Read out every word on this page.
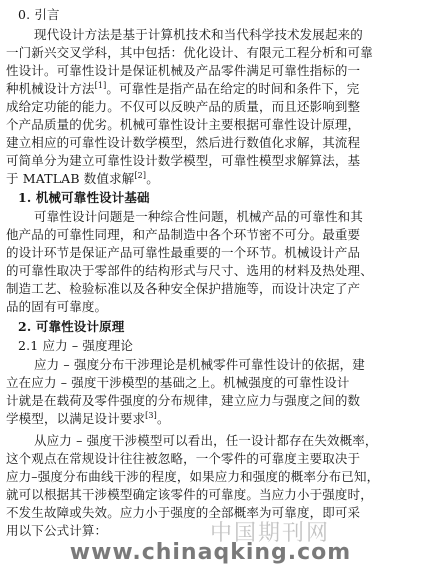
0. 引言
现代设计方法是基于计算机技术和当代科学技术发展起来的
一门新兴交叉学科，其中包括：优化设计、有限元工程分析和可靠
性设计。可靠性设计是保证机械及产品零件满足可靠性指标的一
种机械设计方法[1]。可靠性是指产品在给定的时间和条件下，完
成给定功能的能力。不仅可以反映产品的质量，而且还影响到整
个产品质量的优劣。机械可靠性设计主要根据可靠性设计原理，
建立相应的可靠性设计数学模型，然后进行数值化求解，其流程
可简单分为建立可靠性设计数学模型，可靠性模型求解算法，基
于 MATLAB 数值求解[2]。
1. 机械可靠性设计基础
可靠性设计问题是一种综合性问题，机械产品的可靠性和其
他产品的可靠性同理，和产品制造中各个环节密不可分。最重要
的设计环节是保证产品可靠性最重要的一个环节。机械设计产品
的可靠性取决于零部件的结构形式与尺寸、选用的材料及热处理、
制造工艺、检验标准以及各种安全保护措施等，而设计决定了产
品的固有可靠度。
2. 可靠性设计原理
2.1 应力 – 强度理论
应力 – 强度分布干涉理论是机械零件可靠性设计的依据，建
立在应力 – 强度干涉模型的基础之上。机械强度的可靠性设计
计就是在载荷及零件强度的分布规律，建立应力与强度之间的数
学模型，以满足设计要求[3]。
从应力 – 强度干涉模型可以看出，任一设计都存在失效概率，
这个观点在常规设计往往被忽略，一个零件的可靠度主要取决于
应力–强度分布曲线干涉的程度，如果应力和强度的概率分布已知，
就可以根据其干涉模型确定该零件的可靠度。当应力小于强度时，
不发生故障或失效。应力小于强度的全部概率为可靠度，即可采
用以下公式计算：	中国期刊网
www.chinaqking.com
